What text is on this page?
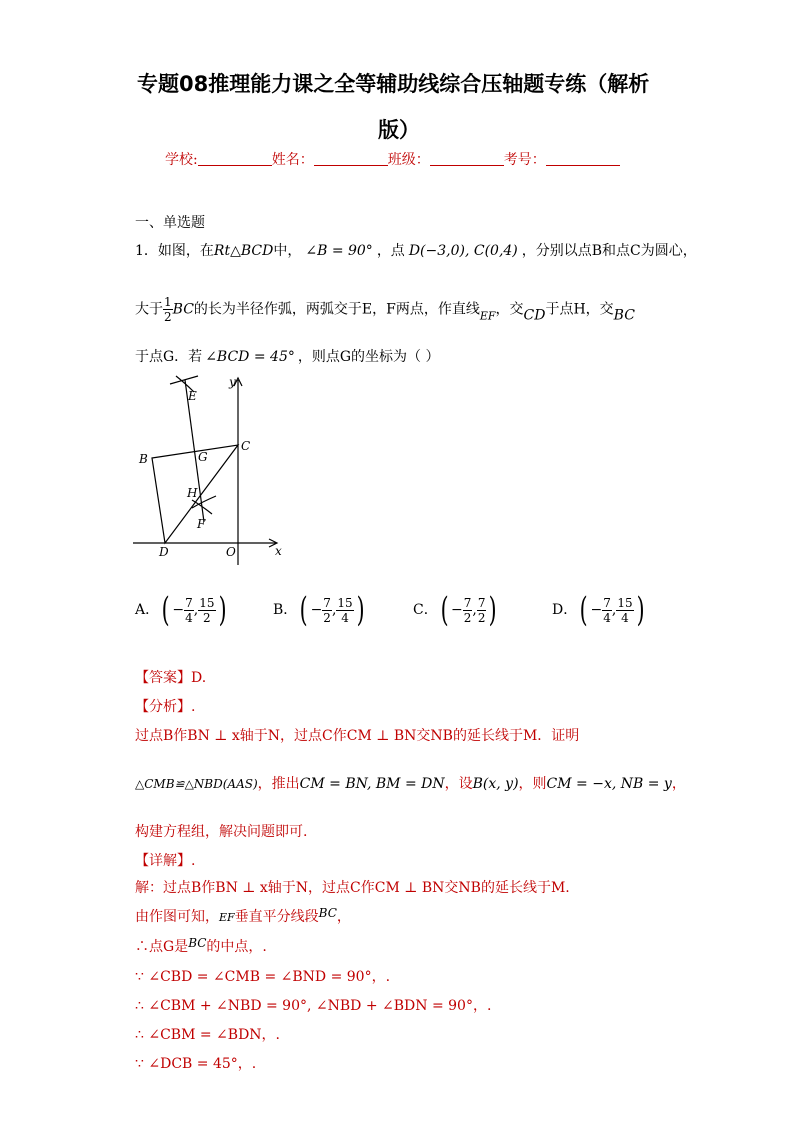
专题08推理能力课之全等辅助线综合压轴题专练（解析
版）
学校:	姓名：	班级：	考号：
一、单选题
1．如图，在Rt△BCD中， ∠B = 90° ，点 D(−3,0), C(0,4) ，分别以点B和点C为圆心，
大于 $\frac{1}{2}$ BC的长为半径作弧，两弧交于E，F两点，作直线$_{EF}$，交CD于点H，交BC
于点G．若 ∠BCD = 45° ，则点G的坐标为（ ）
y
x
E
C
B	G
H
F
D	O
A．( − $\frac{7}{4}$ , $\frac{15}{2}$ )	B．( − $\frac{7}{2}$ , $\frac{15}{4}$ )	C．( − $\frac{7}{2}$ , $\frac{7}{2}$ )	D．( − $\frac{7}{4}$ , $\frac{15}{4}$ )
【答案】D.
【分析】.
过点B作BN ⊥ x轴于N，过点C作CM ⊥ BN交NB的延长线于M．证明
△CMB≌△NBD(AAS)，推出CM = BN, BM = DN，设B(x, y)，则CM = −x, NB = y，
构建方程组，解决问题即可.
【详解】.
解：过点B作BN ⊥ x轴于N，过点C作CM ⊥ BN交NB的延长线于M.
由作图可知，EF垂直平分线段BC，
∴点G是BC的中点，.
∵ ∠CBD = ∠CMB = ∠BND = 90°，.
∴ ∠CBM + ∠NBD = 90°, ∠NBD + ∠BDN = 90°，.
∴ ∠CBM = ∠BDN，.
∵ ∠DCB = 45°，.
